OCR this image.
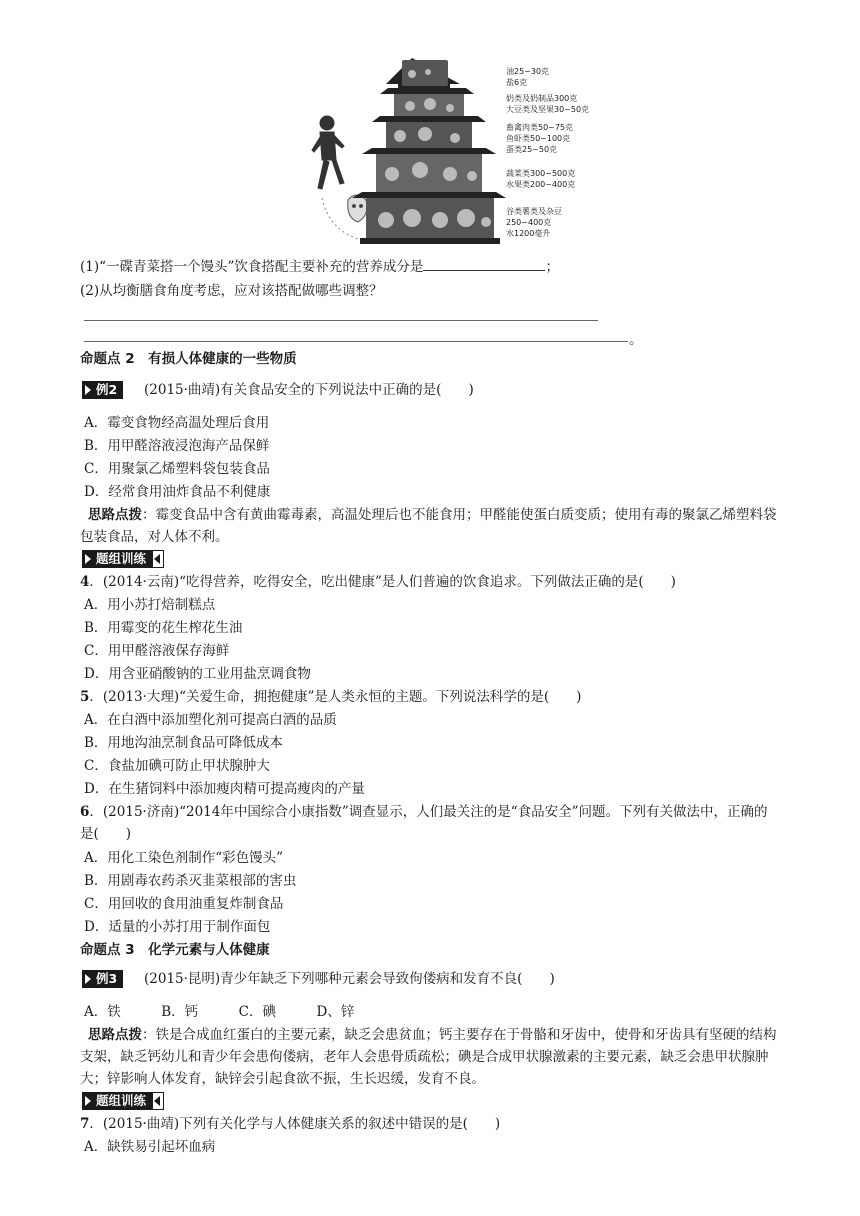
油25~30克
盐6克
奶类及奶制品300克
大豆类及坚果30~50克
畜禽肉类50~75克
鱼虾类50~100克
蛋类25~50克
蔬菜类300~500克
水果类200~400克
谷类薯类及杂豆
250~400克
水1200毫升
(1)“一碟青菜搭一个馒头”饮食搭配主要补充的营养成分是	；
(2)从均衡膳食角度考虑，应对该搭配做哪些调整？
。
命题点 2　有损人体健康的一些物质
例2	(2015·曲靖)有关食品安全的下列说法中正确的是(　　)
A．霉变食物经高温处理后食用
B．用甲醛溶液浸泡海产品保鲜
C．用聚氯乙烯塑料袋包装食品
D．经常食用油炸食品不利健康
思路点拨：霉变食品中含有黄曲霉毒素，高温处理后也不能食用；甲醛能使蛋白质变质；使用有毒的聚氯乙烯塑料袋包装食品，对人体不利。
题组训练
4．(2014·云南)“吃得营养，吃得安全，吃出健康”是人们普遍的饮食追求。下列做法正确的是(　　)
A．用小苏打焙制糕点
B．用霉变的花生榨花生油
C．用甲醛溶液保存海鲜
D．用含亚硝酸钠的工业用盐烹调食物
5．(2013·大理)“关爱生命，拥抱健康”是人类永恒的主题。下列说法科学的是(　　)
A．在白酒中添加塑化剂可提高白酒的品质
B．用地沟油烹制食品可降低成本
C．食盐加碘可防止甲状腺肿大
D．在生猪饲料中添加瘦肉精可提高瘦肉的产量
6．(2015·济南)“2014年中国综合小康指数”调查显示，人们最关注的是“食品安全”问题。下列有关做法中，正确的是(　　)
A．用化工染色剂制作“彩色馒头”
B．用剧毒农药杀灭韭菜根部的害虫
C．用回收的食用油重复炸制食品
D．适量的小苏打用于制作面包
命题点 3　化学元素与人体健康
例3	(2015·昆明)青少年缺乏下列哪种元素会导致佝偻病和发育不良(　　)
A．铁　　　B．钙　　　C．碘　　　D、锌
思路点拨：铁是合成血红蛋白的主要元素，缺乏会患贫血；钙主要存在于骨骼和牙齿中，使骨和牙齿具有坚硬的结构支架，缺乏钙幼儿和青少年会患佝偻病，老年人会患骨质疏松；碘是合成甲状腺激素的主要元素，缺乏会患甲状腺肿大；锌影响人体发育，缺锌会引起食欲不振，生长迟缓，发育不良。
题组训练
7．(2015·曲靖)下列有关化学与人体健康关系的叙述中错误的是(　　)
A．缺铁易引起坏血病
